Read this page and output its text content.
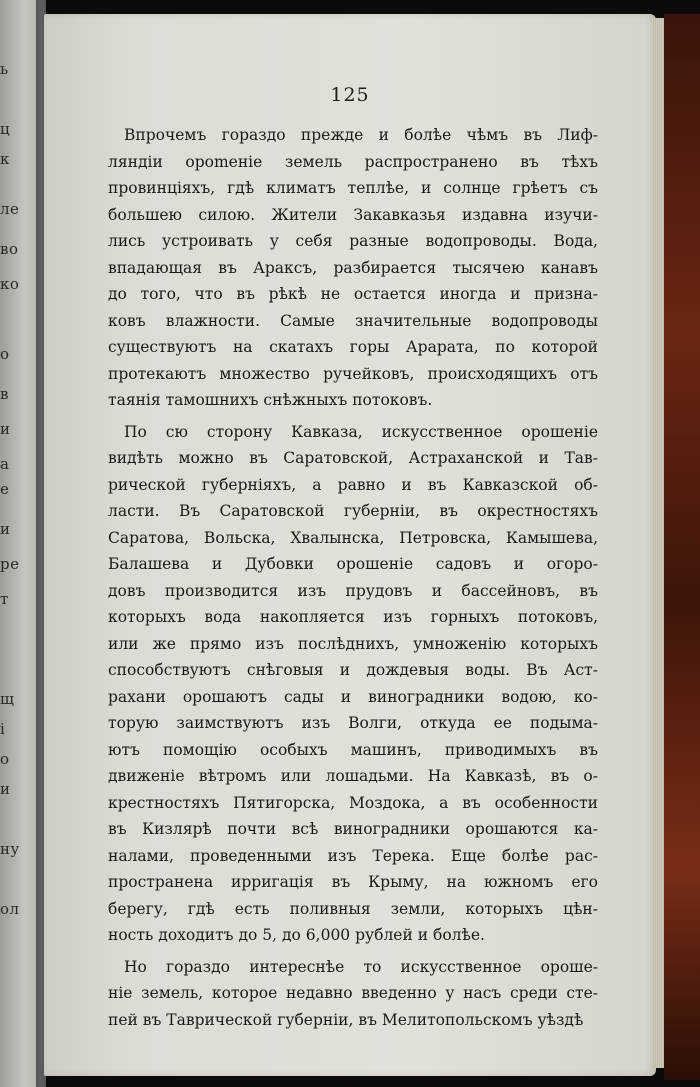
ь
ц
к
ле
во
ко
о
в
и
а
е
и
ре
т
щ
і
о
и
ну
ол
125
Впрочемъ гораздо прежде и болѣе чѣмъ въ Лиф-
ляндіи ороmеніе земель распространено въ тѣхъ
провинціяхъ, гдѣ климатъ теплѣе, и солнце грѣетъ съ
большею силою. Жители Закавказья издавна изучи-
лись устроивать у себя разные водопроводы. Вода,
впадающая въ Араксъ, разбирается тысячею канавъ
до того, что въ рѣкѣ не остается иногда и призна-
ковъ влажности. Самые значительные водопроводы
существуютъ на скатахъ горы Арарата, по которой
протекаютъ множество ручейковъ, происходящихъ отъ
таянія тамошнихъ снѣжныхъ потоковъ.
По сю сторону Кавказа, искусственное орошеніе
видѣть можно въ Саратовской, Астраханской и Тав-
рической губерніяхъ, а равно и въ Кавказской об-
ласти. Въ Саратовской губерніи, въ окрестностяхъ
Саратова, Вольска, Хвалынска, Петровска, Камышева,
Балашева и Дубовки орошеніе садовъ и огоро-
довъ производится изъ прудовъ и бассейновъ, въ
которыхъ вода накопляется изъ горныхъ потоковъ,
или же прямо изъ послѣднихъ, умноженію которыхъ
способствуютъ снѣговыя и дождевыя воды. Въ Аст-
рахани орошаютъ сады и виноградники водою, ко-
торую заимствуютъ изъ Волги, откуда ее подыма-
ютъ помощію особыхъ машинъ, приводимыхъ въ
движеніе вѣтромъ или лошадьми. На Кавказѣ, въ о-
крестностяхъ Пятигорска, Моздока, а въ особенности
въ Кизлярѣ почти всѣ виноградники орошаются ка-
налами, проведенными изъ Терека. Еще болѣе рас-
пространена ирригація въ Крыму, на южномъ его
берегу, гдѣ есть поливныя земли, которыхъ цѣн-
ность доходитъ до 5, до 6,000 рублей и болѣе.
Но гораздо интереснѣе то искусственное ороше-
ніе земель, которое недавно введенно у насъ среди сте-
пей въ Таврической губерніи, въ Мелитопольскомъ уѣздѣ
